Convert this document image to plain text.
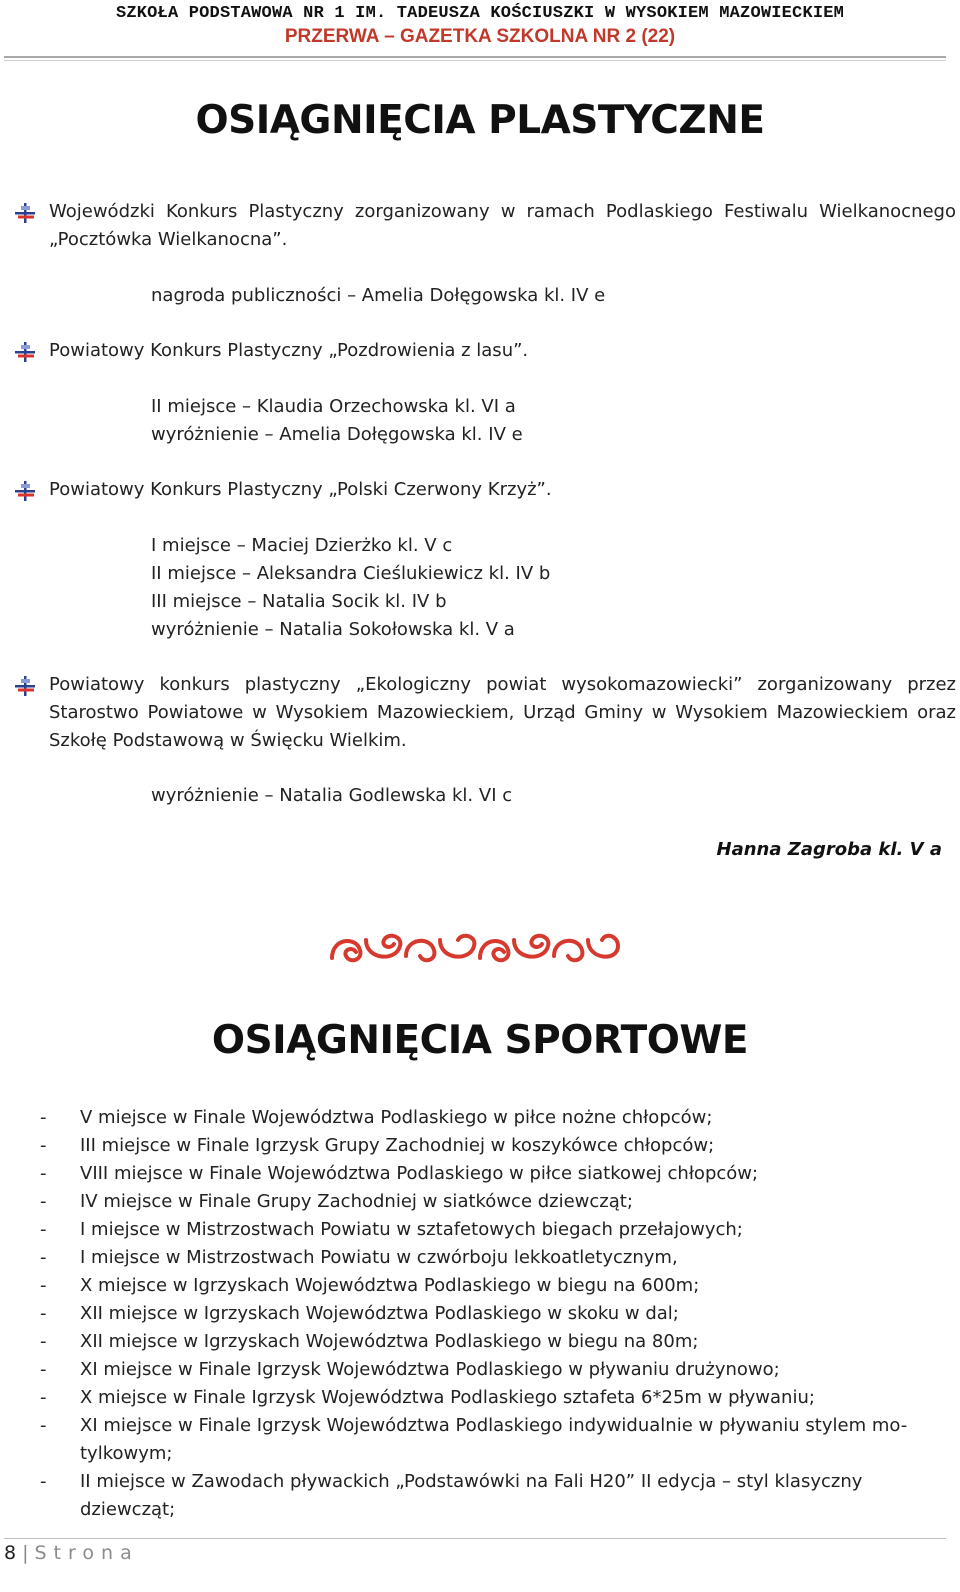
SZKOŁA PODSTAWOWA NR 1 IM. TADEUSZA KOŚCIUSZKI W WYSOKIEM MAZOWIECKIEM
PRZERWA – GAZETKA SZKOLNA NR 2 (22)
OSIĄGNIĘCIA PLASTYCZNE
Wojewódzki Konkurs Plastyczny zorganizowany w ramach Podlaskiego Festiwalu Wielkanocnego „Pocztówka Wielkanocna”.
nagroda publiczności – Amelia Dołęgowska kl. IV e
Powiatowy Konkurs Plastyczny „Pozdrowienia z lasu”.
II miejsce – Klaudia Orzechowska kl. VI a
wyróżnienie – Amelia Dołęgowska kl. IV e
Powiatowy Konkurs Plastyczny „Polski Czerwony Krzyż”.
I miejsce – Maciej Dzierżko kl. V c
II miejsce – Aleksandra Cieślukiewicz kl. IV b
III miejsce – Natalia Socik kl. IV b
wyróżnienie – Natalia Sokołowska kl. V a
Powiatowy konkurs plastyczny „Ekologiczny powiat wysokomazowiecki” zorganizowany przez Starostwo Powiatowe w Wysokiem Mazowieckiem, Urząd Gminy w Wysokiem Mazowieckiem oraz Szkołę Podstawową w Święcku Wielkim.
wyróżnienie – Natalia Godlewska kl. VI c
Hanna Zagroba kl. V a
OSIĄGNIĘCIA SPORTOWE
- V miejsce w Finale Województwa Podlaskiego w piłce nożne chłopców;
- III miejsce w Finale Igrzysk Grupy Zachodniej w koszykówce chłopców;
- VIII miejsce w Finale Województwa Podlaskiego w piłce siatkowej chłopców;
- IV miejsce w Finale Grupy Zachodniej w siatkówce dziewcząt;
- I miejsce w Mistrzostwach Powiatu w sztafetowych biegach przełajowych;
- I miejsce w Mistrzostwach Powiatu w czwórboju lekkoatletycznym,
- X miejsce w Igrzyskach Województwa Podlaskiego w biegu na 600m;
- XII miejsce w Igrzyskach Województwa Podlaskiego w skoku w dal;
- XII miejsce w Igrzyskach Województwa Podlaskiego w biegu na 80m;
- XI miejsce w Finale Igrzysk Województwa Podlaskiego w pływaniu drużynowo;
- X miejsce w Finale Igrzysk Województwa Podlaskiego sztafeta 6*25m w pływaniu;
- XI miejsce w Finale Igrzysk Województwa Podlaskiego indywidualnie w pływaniu stylem mo-tylkowym;
- II miejsce w Zawodach pływackich „Podstawówki na Fali H20” II edycja – styl klasyczny dziewcząt;
8 | Strona
